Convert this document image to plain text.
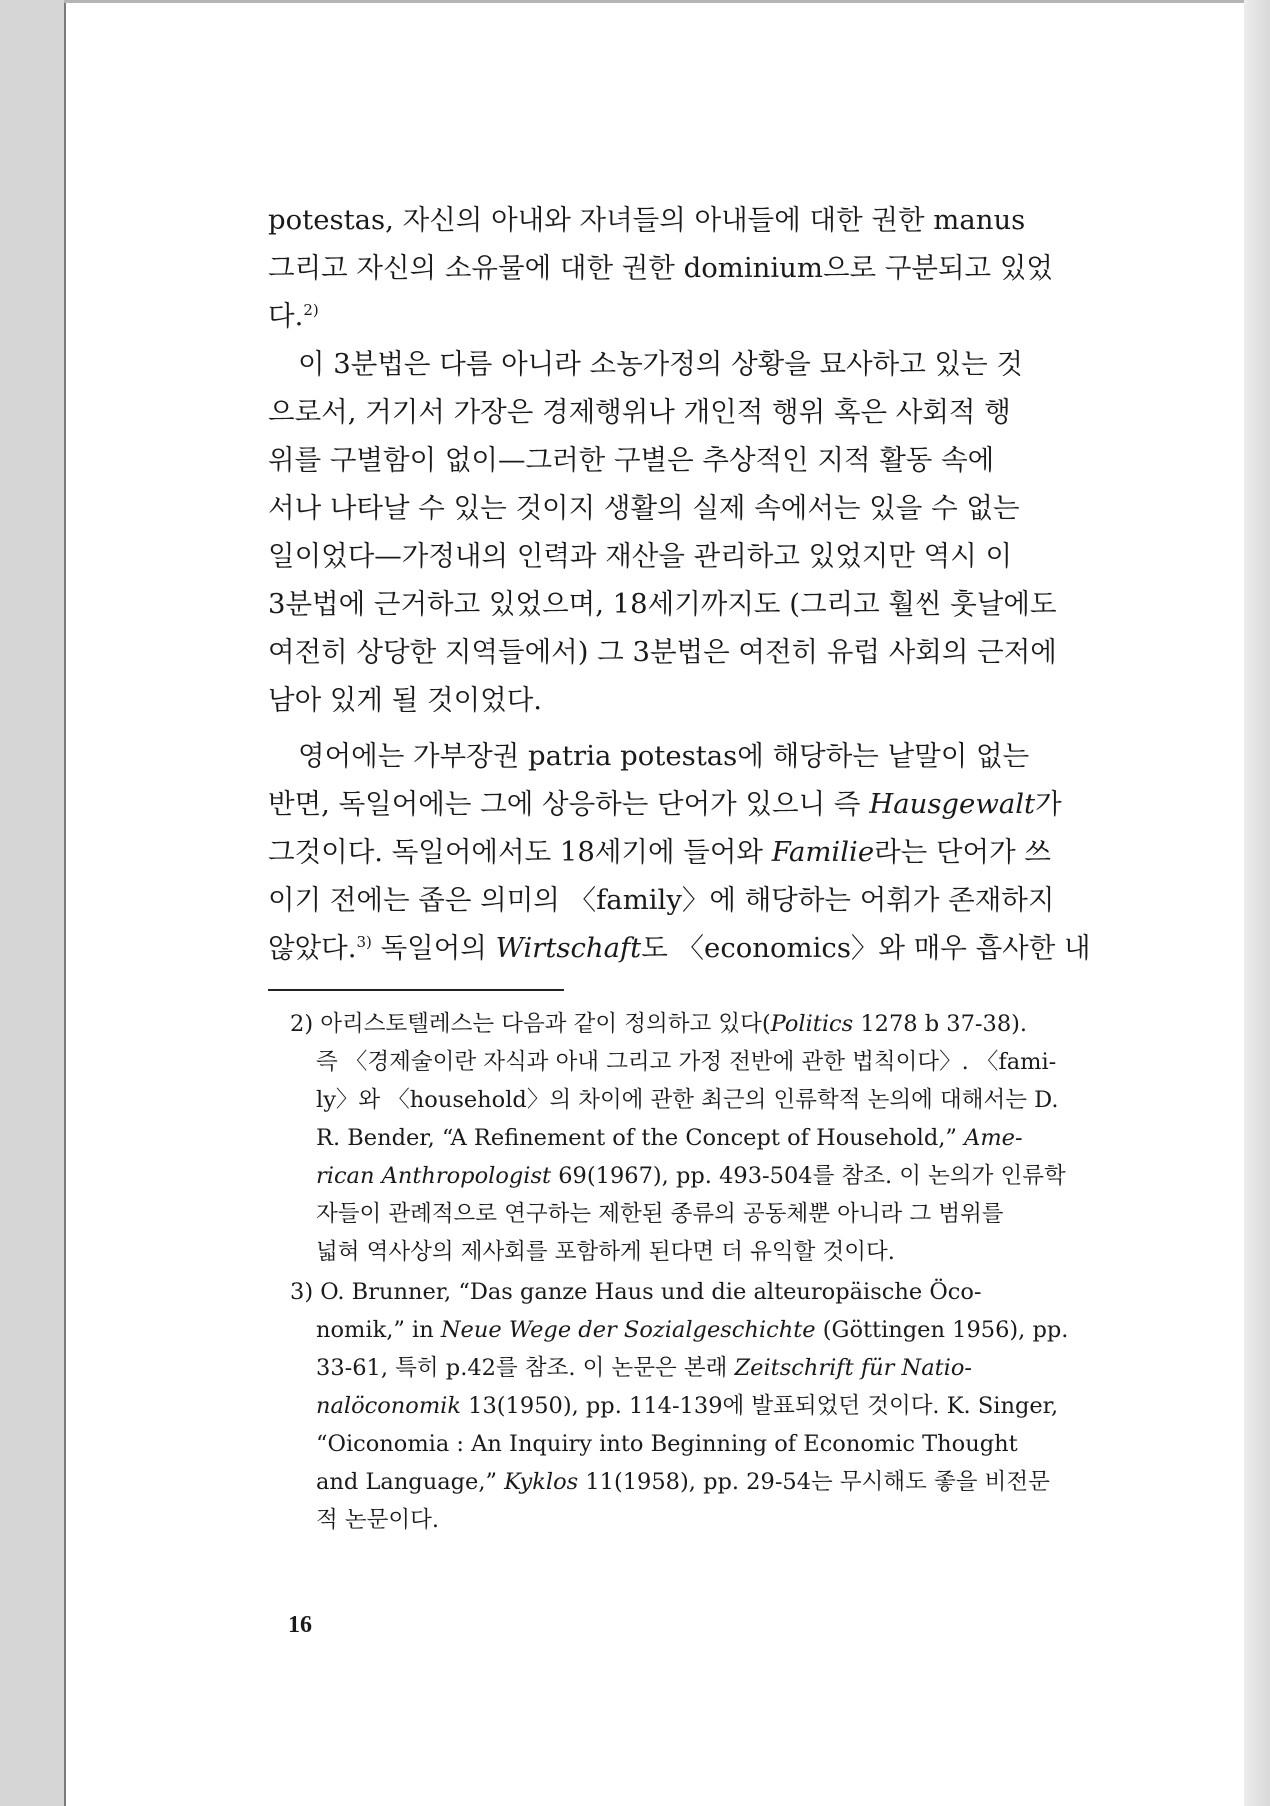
potestas, 자신의 아내와 자녀들의 아내들에 대한 권한 manus
그리고 자신의 소유물에 대한 권한 dominium으로 구분되고 있었
다.$^{2)}$
이 3분법은 다름 아니라 소농가정의 상황을 묘사하고 있는 것
으로서, 거기서 가장은 경제행위나 개인적 행위 혹은 사회적 행
위를 구별함이 없이—그러한 구별은 추상적인 지적 활동 속에
서나 나타날 수 있는 것이지 생활의 실제 속에서는 있을 수 없는
일이었다—가정내의 인력과 재산을 관리하고 있었지만 역시 이
3분법에 근거하고 있었으며, 18세기까지도 (그리고 훨씬 훗날에도
여전히 상당한 지역들에서) 그 3분법은 여전히 유럽 사회의 근저에
남아 있게 될 것이었다.
영어에는 가부장권 patria potestas에 해당하는 낱말이 없는
반면, 독일어에는 그에 상응하는 단어가 있으니 즉 Hausgewalt가
그것이다. 독일어에서도 18세기에 들어와 Familie라는 단어가 쓰
이기 전에는 좁은 의미의 〈family〉에 해당하는 어휘가 존재하지
않았다.$^{3)}$ 독일어의 Wirtschaft도 〈economics〉와 매우 흡사한 내
2) 아리스토텔레스는 다음과 같이 정의하고 있다(Politics 1278 b 37-38).
즉 〈경제술이란 자식과 아내 그리고 가정 전반에 관한 법칙이다〉. 〈fami-
ly〉와 〈household〉의 차이에 관한 최근의 인류학적 논의에 대해서는 D.
R. Bender, “A Refinement of the Concept of Household,” Ame-
rican Anthropologist 69(1967), pp. 493-504를 참조. 이 논의가 인류학
자들이 관례적으로 연구하는 제한된 종류의 공동체뿐 아니라 그 범위를
넓혀 역사상의 제사회를 포함하게 된다면 더 유익할 것이다.
3) O. Brunner, “Das ganze Haus und die alteuropäische Öco-
nomik,” in Neue Wege der Sozialgeschichte (Göttingen 1956), pp.
33-61, 특히 p.42를 참조. 이 논문은 본래 Zeitschrift für Natio-
nalöconomik 13(1950), pp. 114-139에 발표되었던 것이다. K. Singer,
“Oiconomia : An Inquiry into Beginning of Economic Thought
and Language,” Kyklos 11(1958), pp. 29-54는 무시해도 좋을 비전문
적 논문이다.
16
